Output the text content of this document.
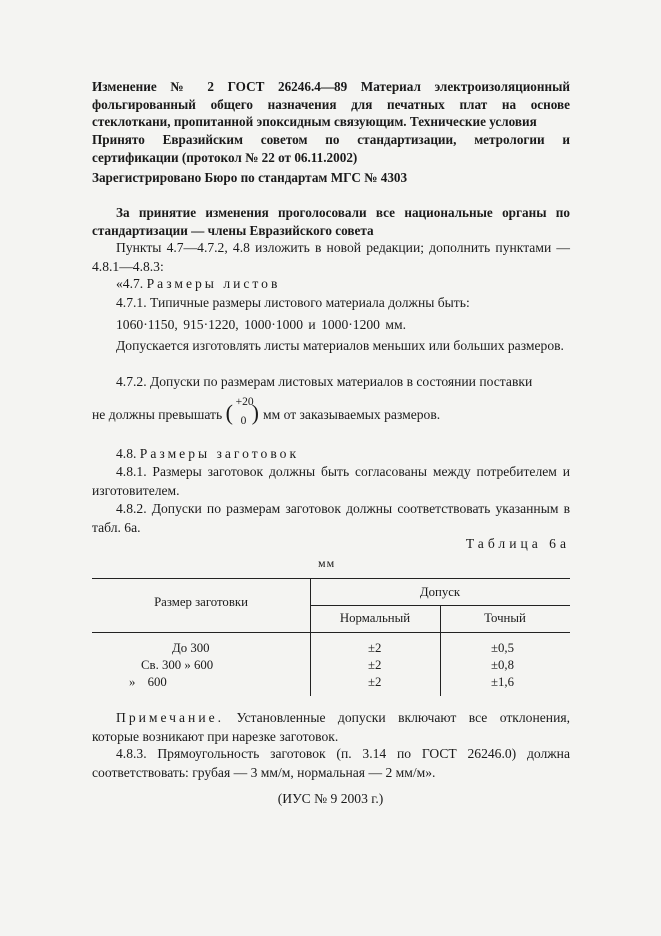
Изменение № 2 ГОСТ 26246.4—89 Материал электроизоляционный фольгированный общего назначения для печатных плат на основе стеклоткани, пропитанной эпоксидным связующим. Технические условия
Принято Евразийским советом по стандартизации, метрологии и сертификации (протокол № 22 от 06.11.2002)
Зарегистрировано Бюро по стандартам МГС № 4303
За принятие изменения проголосовали все национальные органы по стандартизации — члены Евразийского совета
Пункты 4.7—4.7.2, 4.8 изложить в новой редакции; дополнить пунктами — 4.8.1—4.8.3:
«4.7. Размеры листов
4.7.1. Типичные размеры листового материала должны быть:
1060·1150, 915·1220, 1000·1000 и 1000·1200 мм.
Допускается изготовлять листы материалов меньших или больших размеров.
4.7.2. Допуски по размерам листовых материалов в состоянии поставки
не должны превышать ( +20
0 ) мм от заказываемых размеров.
4.8. Размеры заготовок
4.8.1. Размеры заготовок должны быть согласованы между потребителем и изготовителем.
4.8.2. Допуски по размерам заготовок должны соответствовать указанным в табл. 6а.
Таблица 6а
мм
Размер заготовки
Допуск
Нормальный	Точный
До 300	±2	±0,5
Св. 300 » 600	±2	±0,8
» 600	±2	±1,6
Примечание. Установленные допуски включают все отклонения, которые возникают при нарезке заготовок.
4.8.3. Прямоугольность заготовок (п. 3.14 по ГОСТ 26246.0) должна соответствовать: грубая — 3 мм/м, нормальная — 2 мм/м».
(ИУС № 9 2003 г.)
